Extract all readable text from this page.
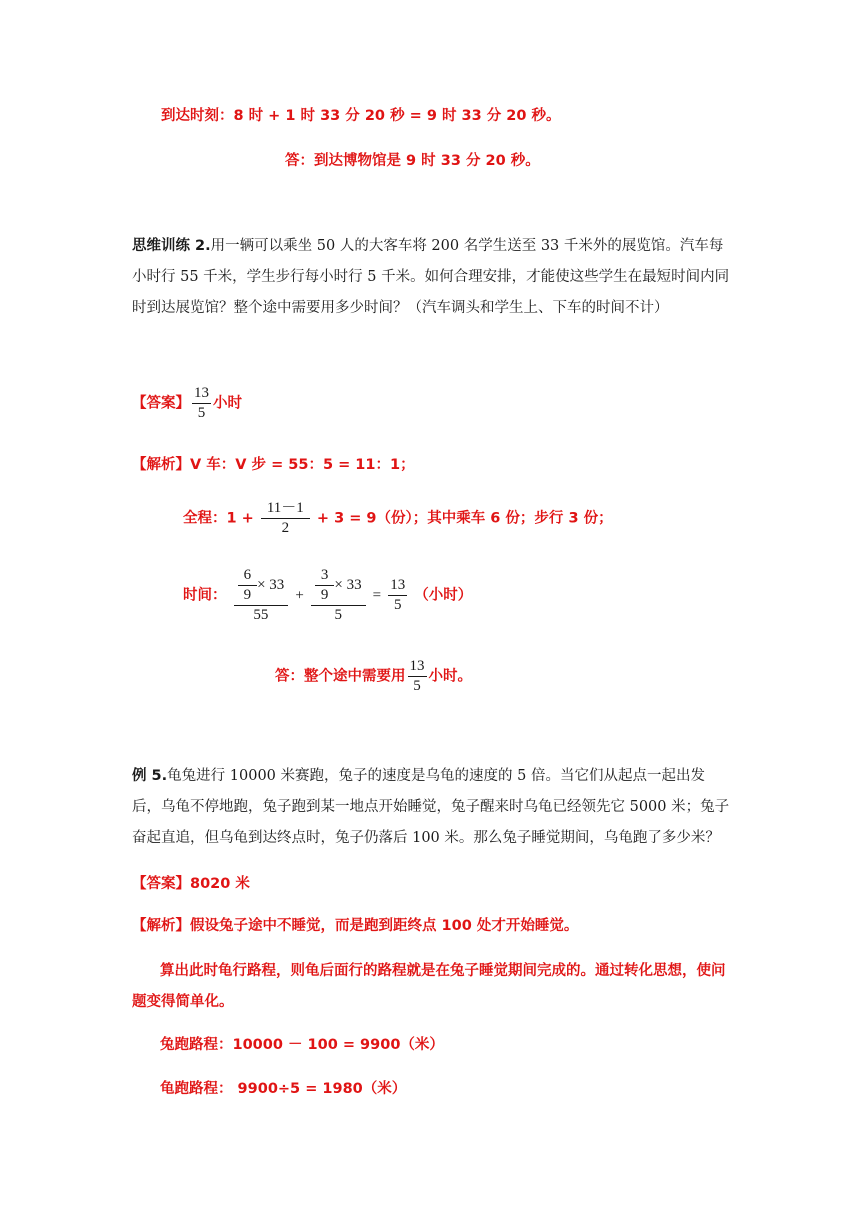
到达时刻：8 时 + 1 时 33 分 20 秒 = 9 时 33 分 20 秒。
答：到达博物馆是 9 时 33 分 20 秒。
思维训练 2.用一辆可以乘坐 50 人的大客车将 200 名学生送至 33 千米外的展览馆。汽车每小时行 55 千米，学生步行每小时行 5 千米。如何合理安排，才能使这些学生在最短时间内同时到达展览馆？整个途中需要用多少时间？（汽车调头和学生上、下车的时间不计）
【答案】 $\frac{13}{5}$ 小时
【解析】V 车：V 步 = 55：5 = 11：1；
全程：$1 + \frac{11-1}{2} + 3 = 9$（份）；其中乘车 6 份；步行 3 份；
时间： $\frac{\frac{6}{9} \times 33}{55} + \frac{\frac{3}{9} \times 33}{5} = \frac{13}{5}$ （小时）
答：整个途中需要用 $\frac{13}{5}$ 小时。
例 5.龟兔进行 10000 米赛跑，兔子的速度是乌龟的速度的 5 倍。当它们从起点一起出发后，乌龟不停地跑，兔子跑到某一地点开始睡觉，兔子醒来时乌龟已经领先它 5000 米；兔子奋起直追，但乌龟到达终点时，兔子仍落后 100 米。那么兔子睡觉期间，乌龟跑了多少米？
【答案】8020 米
【解析】假设兔子途中不睡觉，而是跑到距终点 100 处才开始睡觉。
算出此时龟行路程，则龟后面行的路程就是在兔子睡觉期间完成的。通过转化思想，使问题变得简单化。
兔跑路程：10000 － 100 = 9900（米）
龟跑路程： 9900÷5 = 1980（米）
